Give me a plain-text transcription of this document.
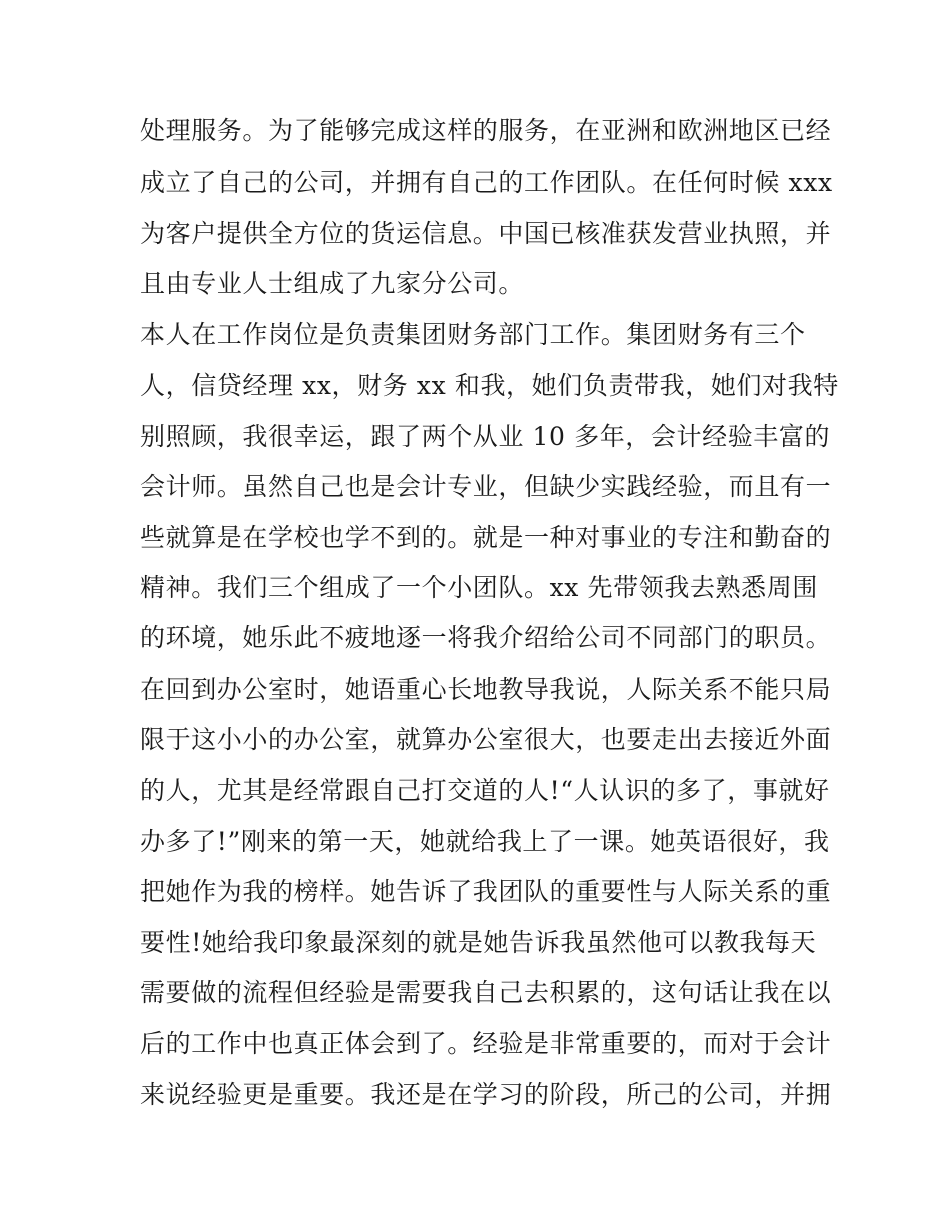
处理服务。为了能够完成这样的服务，在亚洲和欧洲地区已经
成立了自己的公司，并拥有自己的工作团队。在任何时候 xxx
为客户提供全方位的货运信息。中国已核准获发营业执照，并
且由专业人士组成了九家分公司。
本人在工作岗位是负责集团财务部门工作。集团财务有三个
人，信贷经理 xx，财务 xx 和我，她们负责带我，她们对我特
别照顾，我很幸运，跟了两个从业 10 多年，会计经验丰富的
会计师。虽然自己也是会计专业，但缺少实践经验，而且有一
些就算是在学校也学不到的。就是一种对事业的专注和勤奋的
精神。我们三个组成了一个小团队。xx 先带领我去熟悉周围
的环境，她乐此不疲地逐一将我介绍给公司不同部门的职员。
在回到办公室时，她语重心长地教导我说，人际关系不能只局
限于这小小的办公室，就算办公室很大，也要走出去接近外面
的人，尤其是经常跟自己打交道的人!“人认识的多了，事就好
办多了!”刚来的第一天，她就给我上了一课。她英语很好，我
把她作为我的榜样。她告诉了我团队的重要性与人际关系的重
要性!她给我印象最深刻的就是她告诉我虽然他可以教我每天
需要做的流程但经验是需要我自己去积累的，这句话让我在以
后的工作中也真正体会到了。经验是非常重要的，而对于会计
来说经验更是重要。我还是在学习的阶段，所己的公司，并拥
